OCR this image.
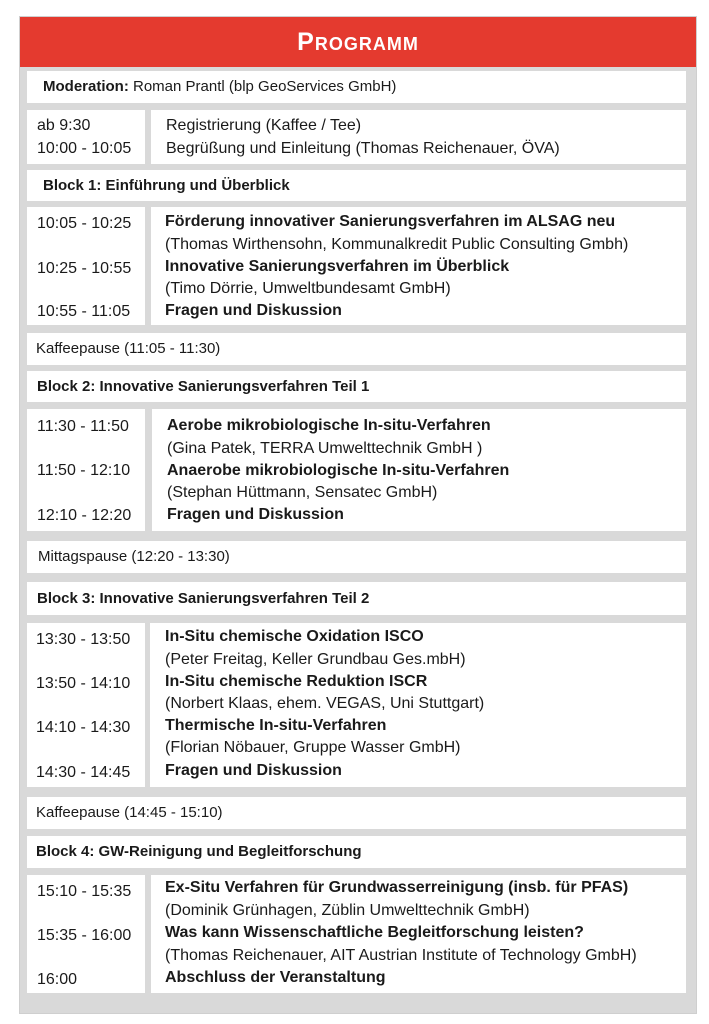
Programm
Moderation:
Roman Prantl (blp GeoServices GmbH)
ab 9:30
10:00 - 10:05
Registrierung (Kaffee / Tee)
Begrüßung und Einleitung (Thomas Reichenauer, ÖVA)
Block 1: Einführung und Überblick
10:05 - 10:25
10:25 - 10:55
10:55 - 11:05
Förderung innovativer Sanierungsverfahren im ALSAG neu
(Thomas Wirthensohn, Kommunalkredit Public Consulting Gmbh)
Innovative Sanierungsverfahren im Überblick
(Timo Dörrie, Umweltbundesamt GmbH)
Fragen und Diskussion
Kaffeepause (11:05 - 11:30)
Block 2: Innovative Sanierungsverfahren Teil 1
11:30 - 11:50
11:50 - 12:10
12:10 - 12:20
Aerobe mikrobiologische In-situ-Verfahren
(Gina Patek, TERRA Umwelttechnik GmbH )
Anaerobe mikrobiologische In-situ-Verfahren
(Stephan Hüttmann, Sensatec GmbH)
Fragen und Diskussion
Mittagspause (12:20 - 13:30)
Block 3: Innovative Sanierungsverfahren Teil 2
13:30 - 13:50
13:50 - 14:10
14:10 - 14:30
14:30 - 14:45
In-Situ chemische Oxidation ISCO
(Peter Freitag, Keller Grundbau Ges.mbH)
In-Situ chemische Reduktion ISCR
(Norbert Klaas, ehem. VEGAS, Uni Stuttgart)
Thermische In-situ-Verfahren
(Florian Nöbauer, Gruppe Wasser GmbH)
Fragen und Diskussion
Kaffeepause (14:45 - 15:10)
Block 4: GW-Reinigung und Begleitforschung
15:10 - 15:35
15:35 - 16:00
16:00
Ex-Situ Verfahren für Grundwasserreinigung (insb. für PFAS)
(Dominik Grünhagen, Züblin Umwelttechnik GmbH)
Was kann Wissenschaftliche Begleitforschung leisten?
(Thomas Reichenauer, AIT Austrian Institute of Technology GmbH)
Abschluss der Veranstaltung
